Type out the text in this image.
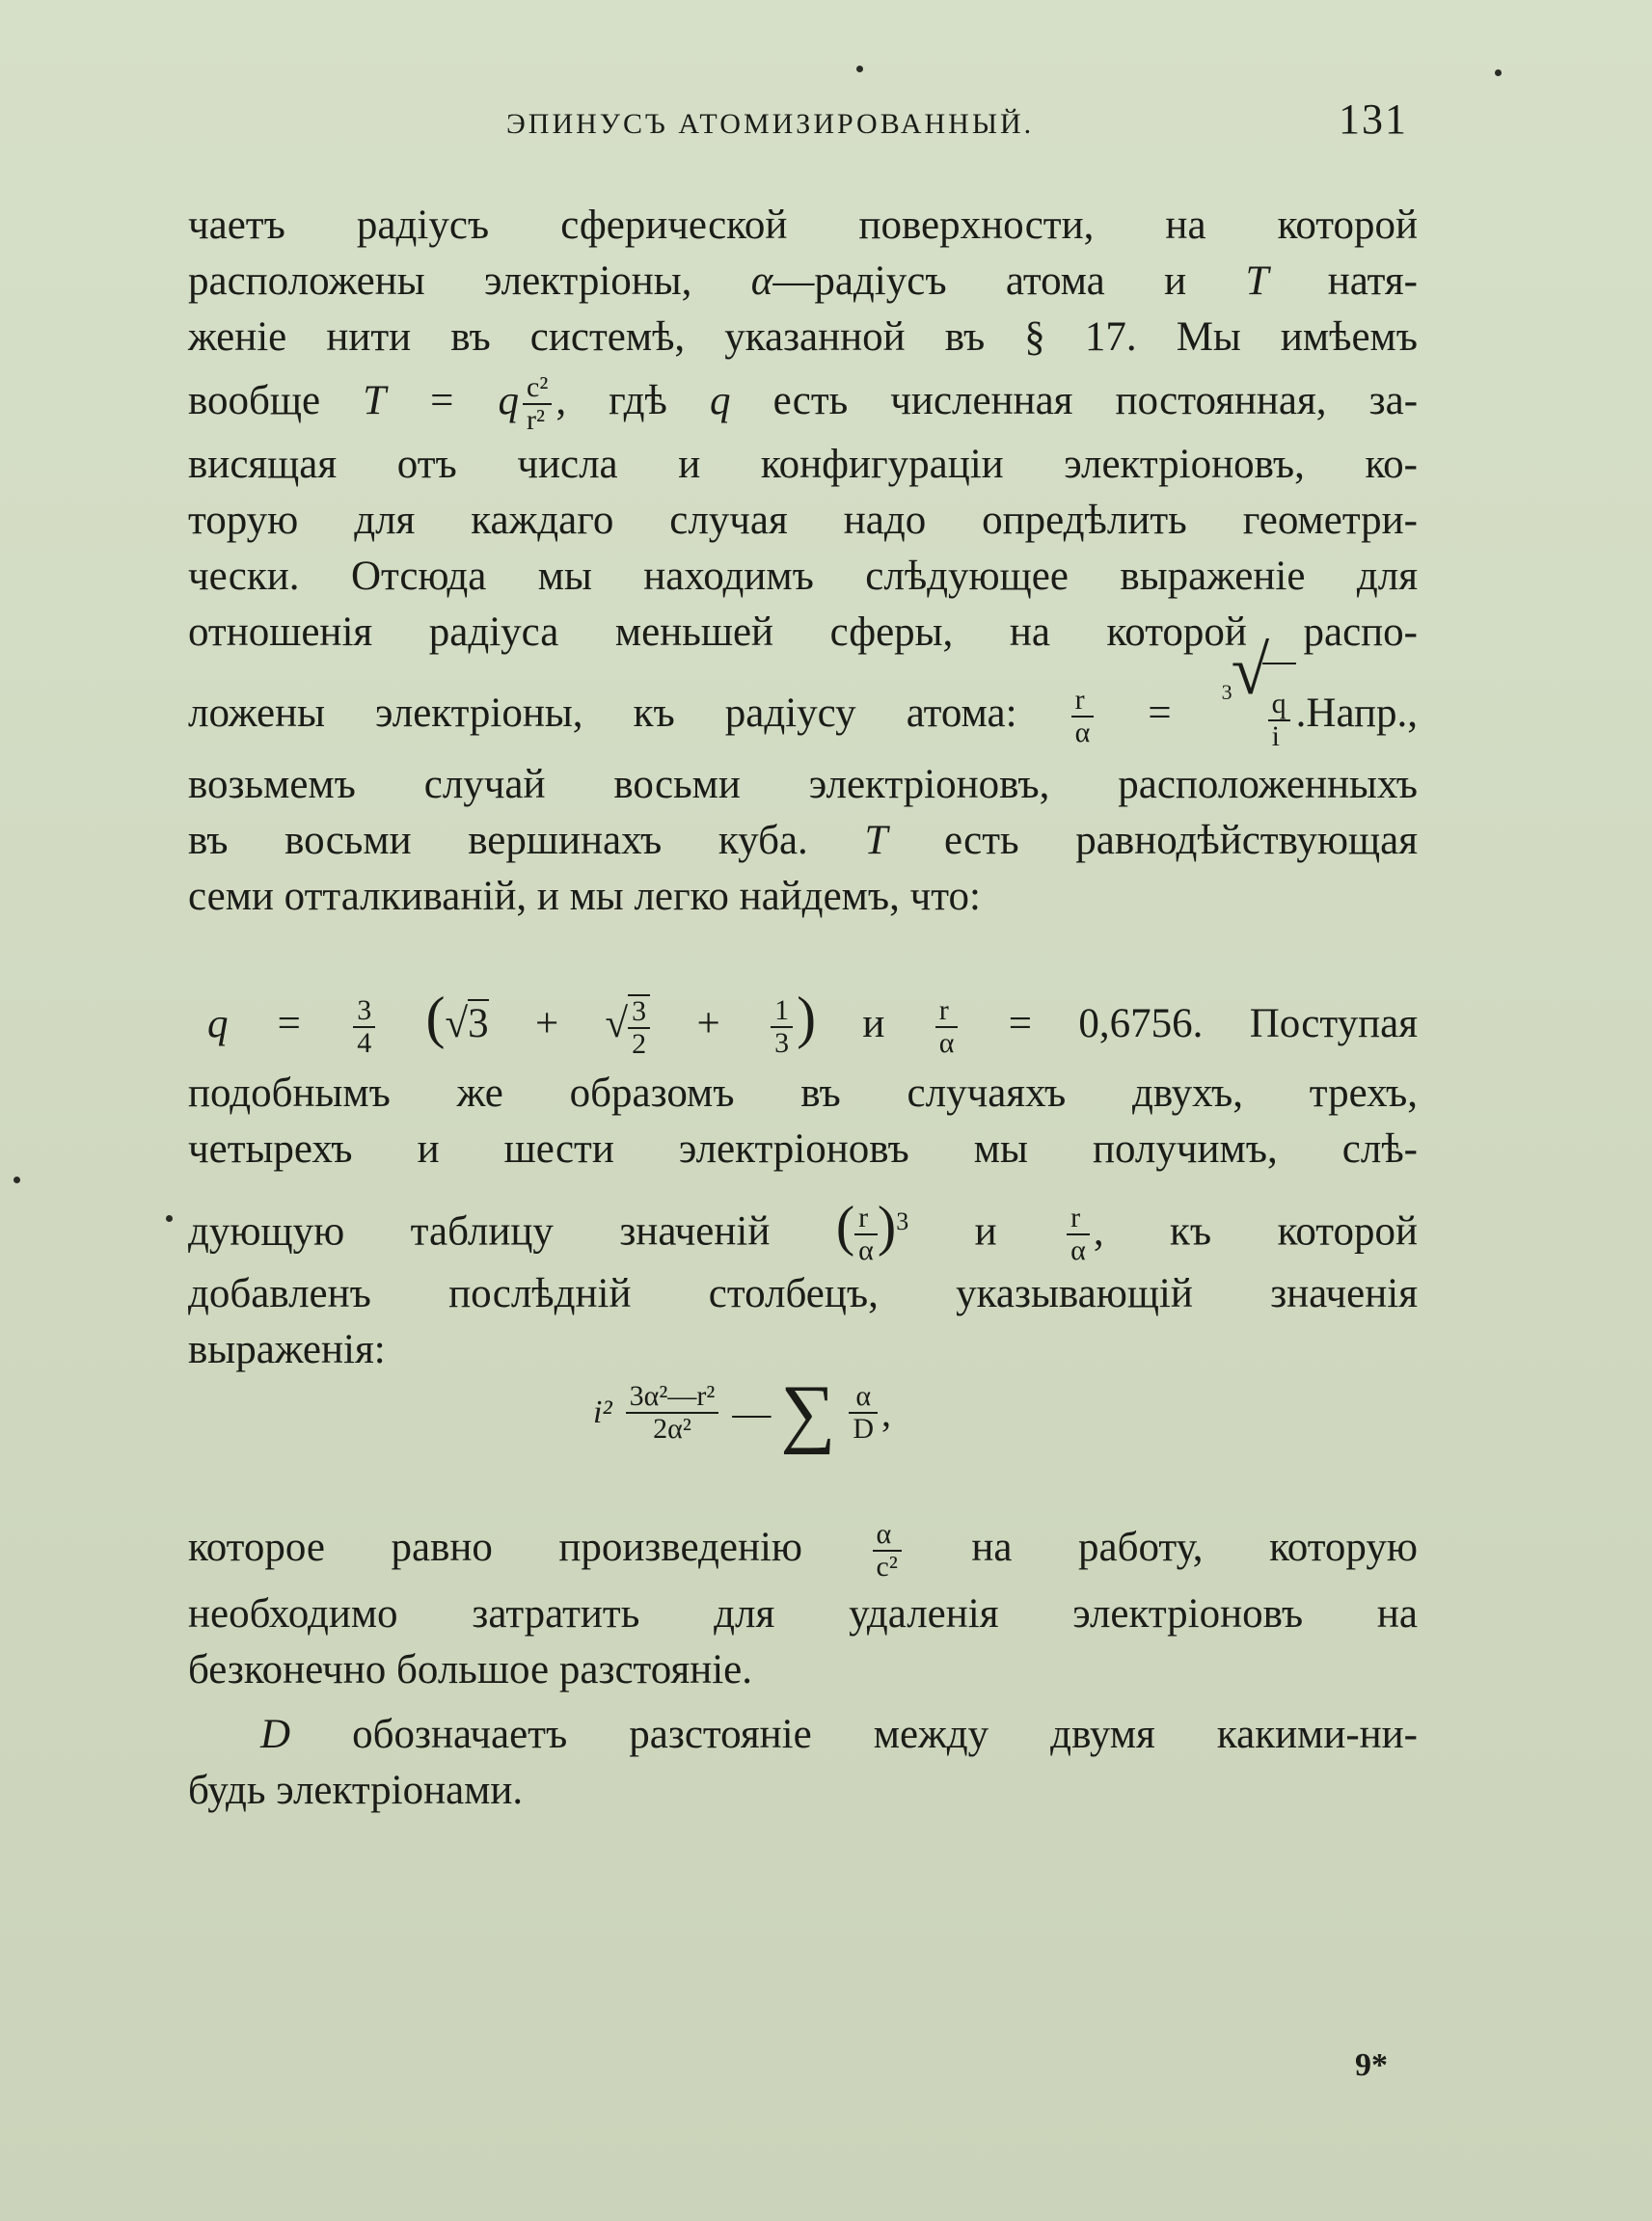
ЭПИНУСЪ АТОМИЗИРОВАННЫЙ.	131
чаетъ радіусъ сферической поверхности, на которой
расположены электріоны, α—радіусъ атома и T натя-
женіе нити въ системѣ, указанной въ § 17. Мы имѣемъ
вообще T = q $\frac{\text{c²}}{\text{r²}}$ , гдѣ q есть численная постоянная, за-
висящая отъ числа и конфигураціи электріоновъ, ко-
торую для каждаго случая надо опредѣлить геометри-
чески. Отсюда мы находимъ слѣдующее выраженіе для
отношенія радіуса меньшей сферы, на которой распо-
ложены электріоны, къ радіусу атома: $\frac{r}{\alpha} = 3$ √
$\frac{q}{i}$ .Напр.,
возьмемъ случай восьми электріоновъ, расположенныхъ
въ восьми вершинахъ куба. T есть равнодѣйствующая
семи отталкиваній, и мы легко найдемъ, что:
$q = \frac{3}{4} (√3$ + √ $\frac{3}{2} + \frac{1}{3}$ ) и $\frac{r}{\alpha} = 0,6756$. Поступая
подобнымъ же образомъ въ случаяхъ двухъ, трехъ,
четырехъ и шести электріоновъ мы получимъ, слѣ-
дующую таблицу значеній ( $\frac{r}{\alpha} )^3$ и $\frac{r}{\alpha}$ , къ которой
добавленъ послѣдній столбецъ, указывающій значенія
выраженія:
$i^2 \frac{\text{3α²—r²}}{\text{2α²}}$ — ∑ $\frac{\alpha}{D}$ ,
которое равно произведенію $\frac{\alpha}{\text{c²}}$ на работу, которую
необходимо затратить для удаленія электріоновъ на
безконечно большое разстояніе.
D обозначаетъ разстояніе между двумя какими-ни-
будь электріонами.
9*
